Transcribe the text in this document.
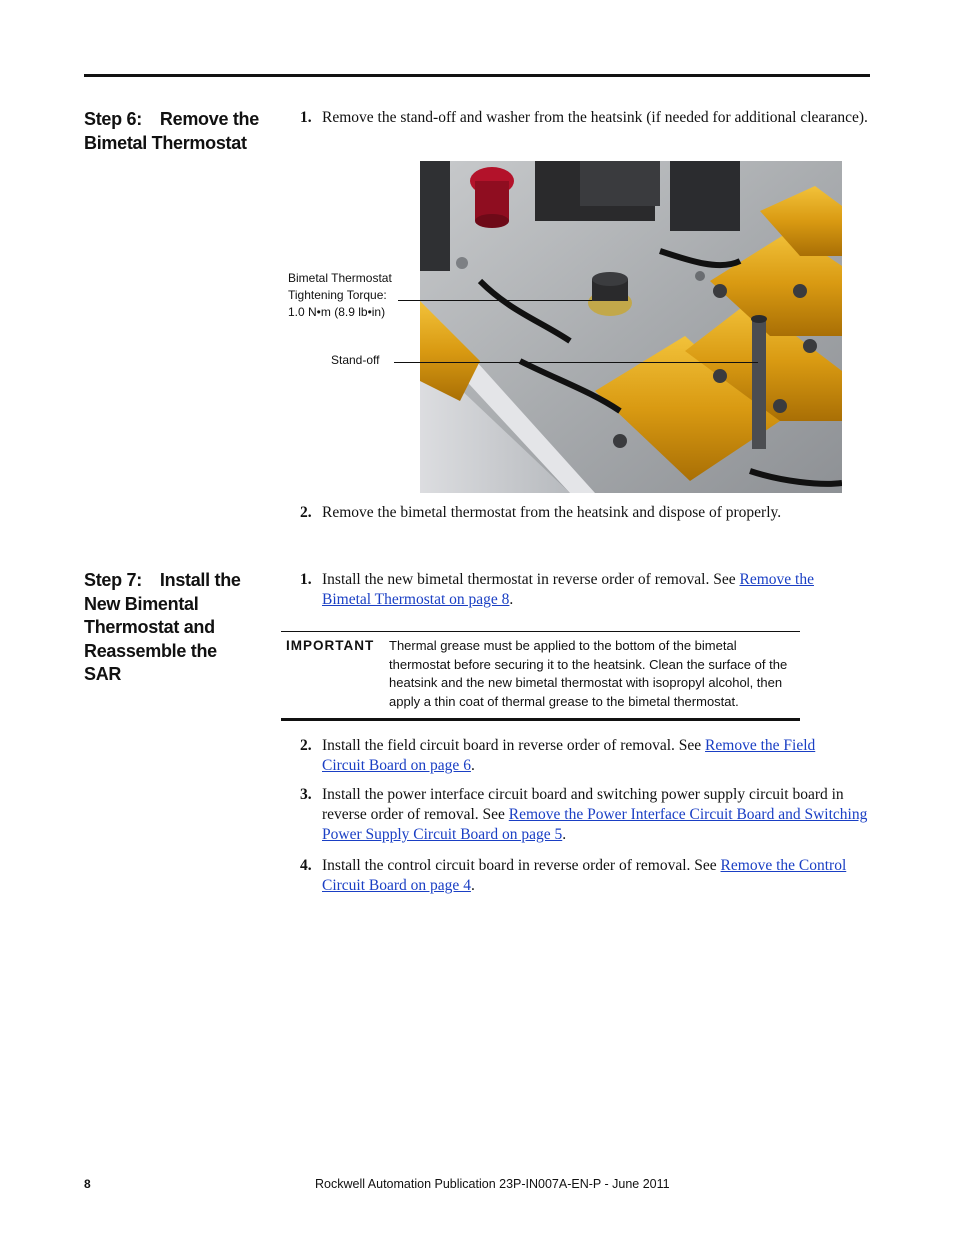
Step 6: Remove the
Bimetal Thermostat
1. Remove the stand-off and washer from the heatsink (if needed for additional clearance).
Bimetal Thermostat
Tightening Torque:
1.0 N•m (8.9 lb•in)
Stand-off
2. Remove the bimetal thermostat from the heatsink and dispose of properly.
Step 7: Install the
New Bimental
Thermostat and
Reassemble the
SAR
1. Install the new bimetal thermostat in reverse order of removal. See Remove the Bimetal Thermostat on page 8.
IMPORTANT Thermal grease must be applied to the bottom of the bimetal thermostat before securing it to the heatsink. Clean the surface of the heatsink and the new bimetal thermostat with isopropyl alcohol, then apply a thin coat of thermal grease to the bimetal thermostat.
2. Install the field circuit board in reverse order of removal. See Remove the Field Circuit Board on page 6.
3. Install the power interface circuit board and switching power supply circuit board in reverse order of removal. See Remove the Power Interface Circuit Board and Switching Power Supply Circuit Board on page 5.
4. Install the control circuit board in reverse order of removal. See Remove the Control Circuit Board on page 4.
8	Rockwell Automation Publication 23P-IN007A-EN-P - June 2011
